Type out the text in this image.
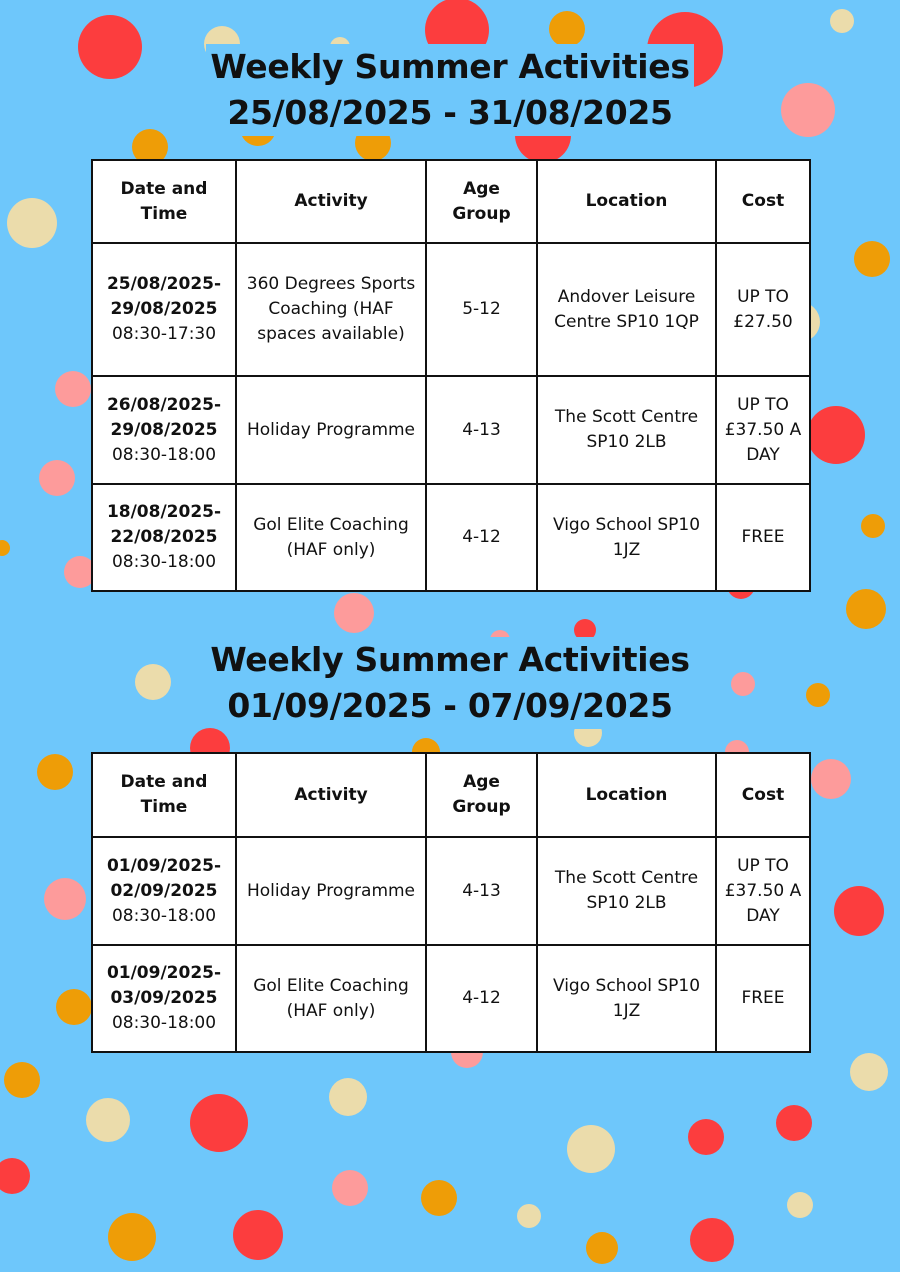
Weekly Summer Activities
25/08/2025 - 31/08/2025
Date and Time	Activity	Age Group	Location	Cost

25/08/2025-29/08/2025
08:30-17:30	360 Degrees Sports Coaching (HAF spaces available)	5-12	Andover Leisure Centre SP10 1QP	UP TO £27.50

26/08/2025-29/08/2025
08:30-18:00	Holiday Programme	4-13	The Scott Centre SP10 2LB	UP TO £37.50 A DAY

18/08/2025-22/08/2025
08:30-18:00	Gol Elite Coaching (HAF only)	4-12	Vigo School SP10 1JZ	FREE
Weekly Summer Activities
01/09/2025 - 07/09/2025
Date and Time	Activity	Age Group	Location	Cost

01/09/2025-02/09/2025
08:30-18:00	Holiday Programme	4-13	The Scott Centre SP10 2LB	UP TO £37.50 A DAY

01/09/2025-03/09/2025
08:30-18:00	Gol Elite Coaching (HAF only)	4-12	Vigo School SP10 1JZ	FREE
